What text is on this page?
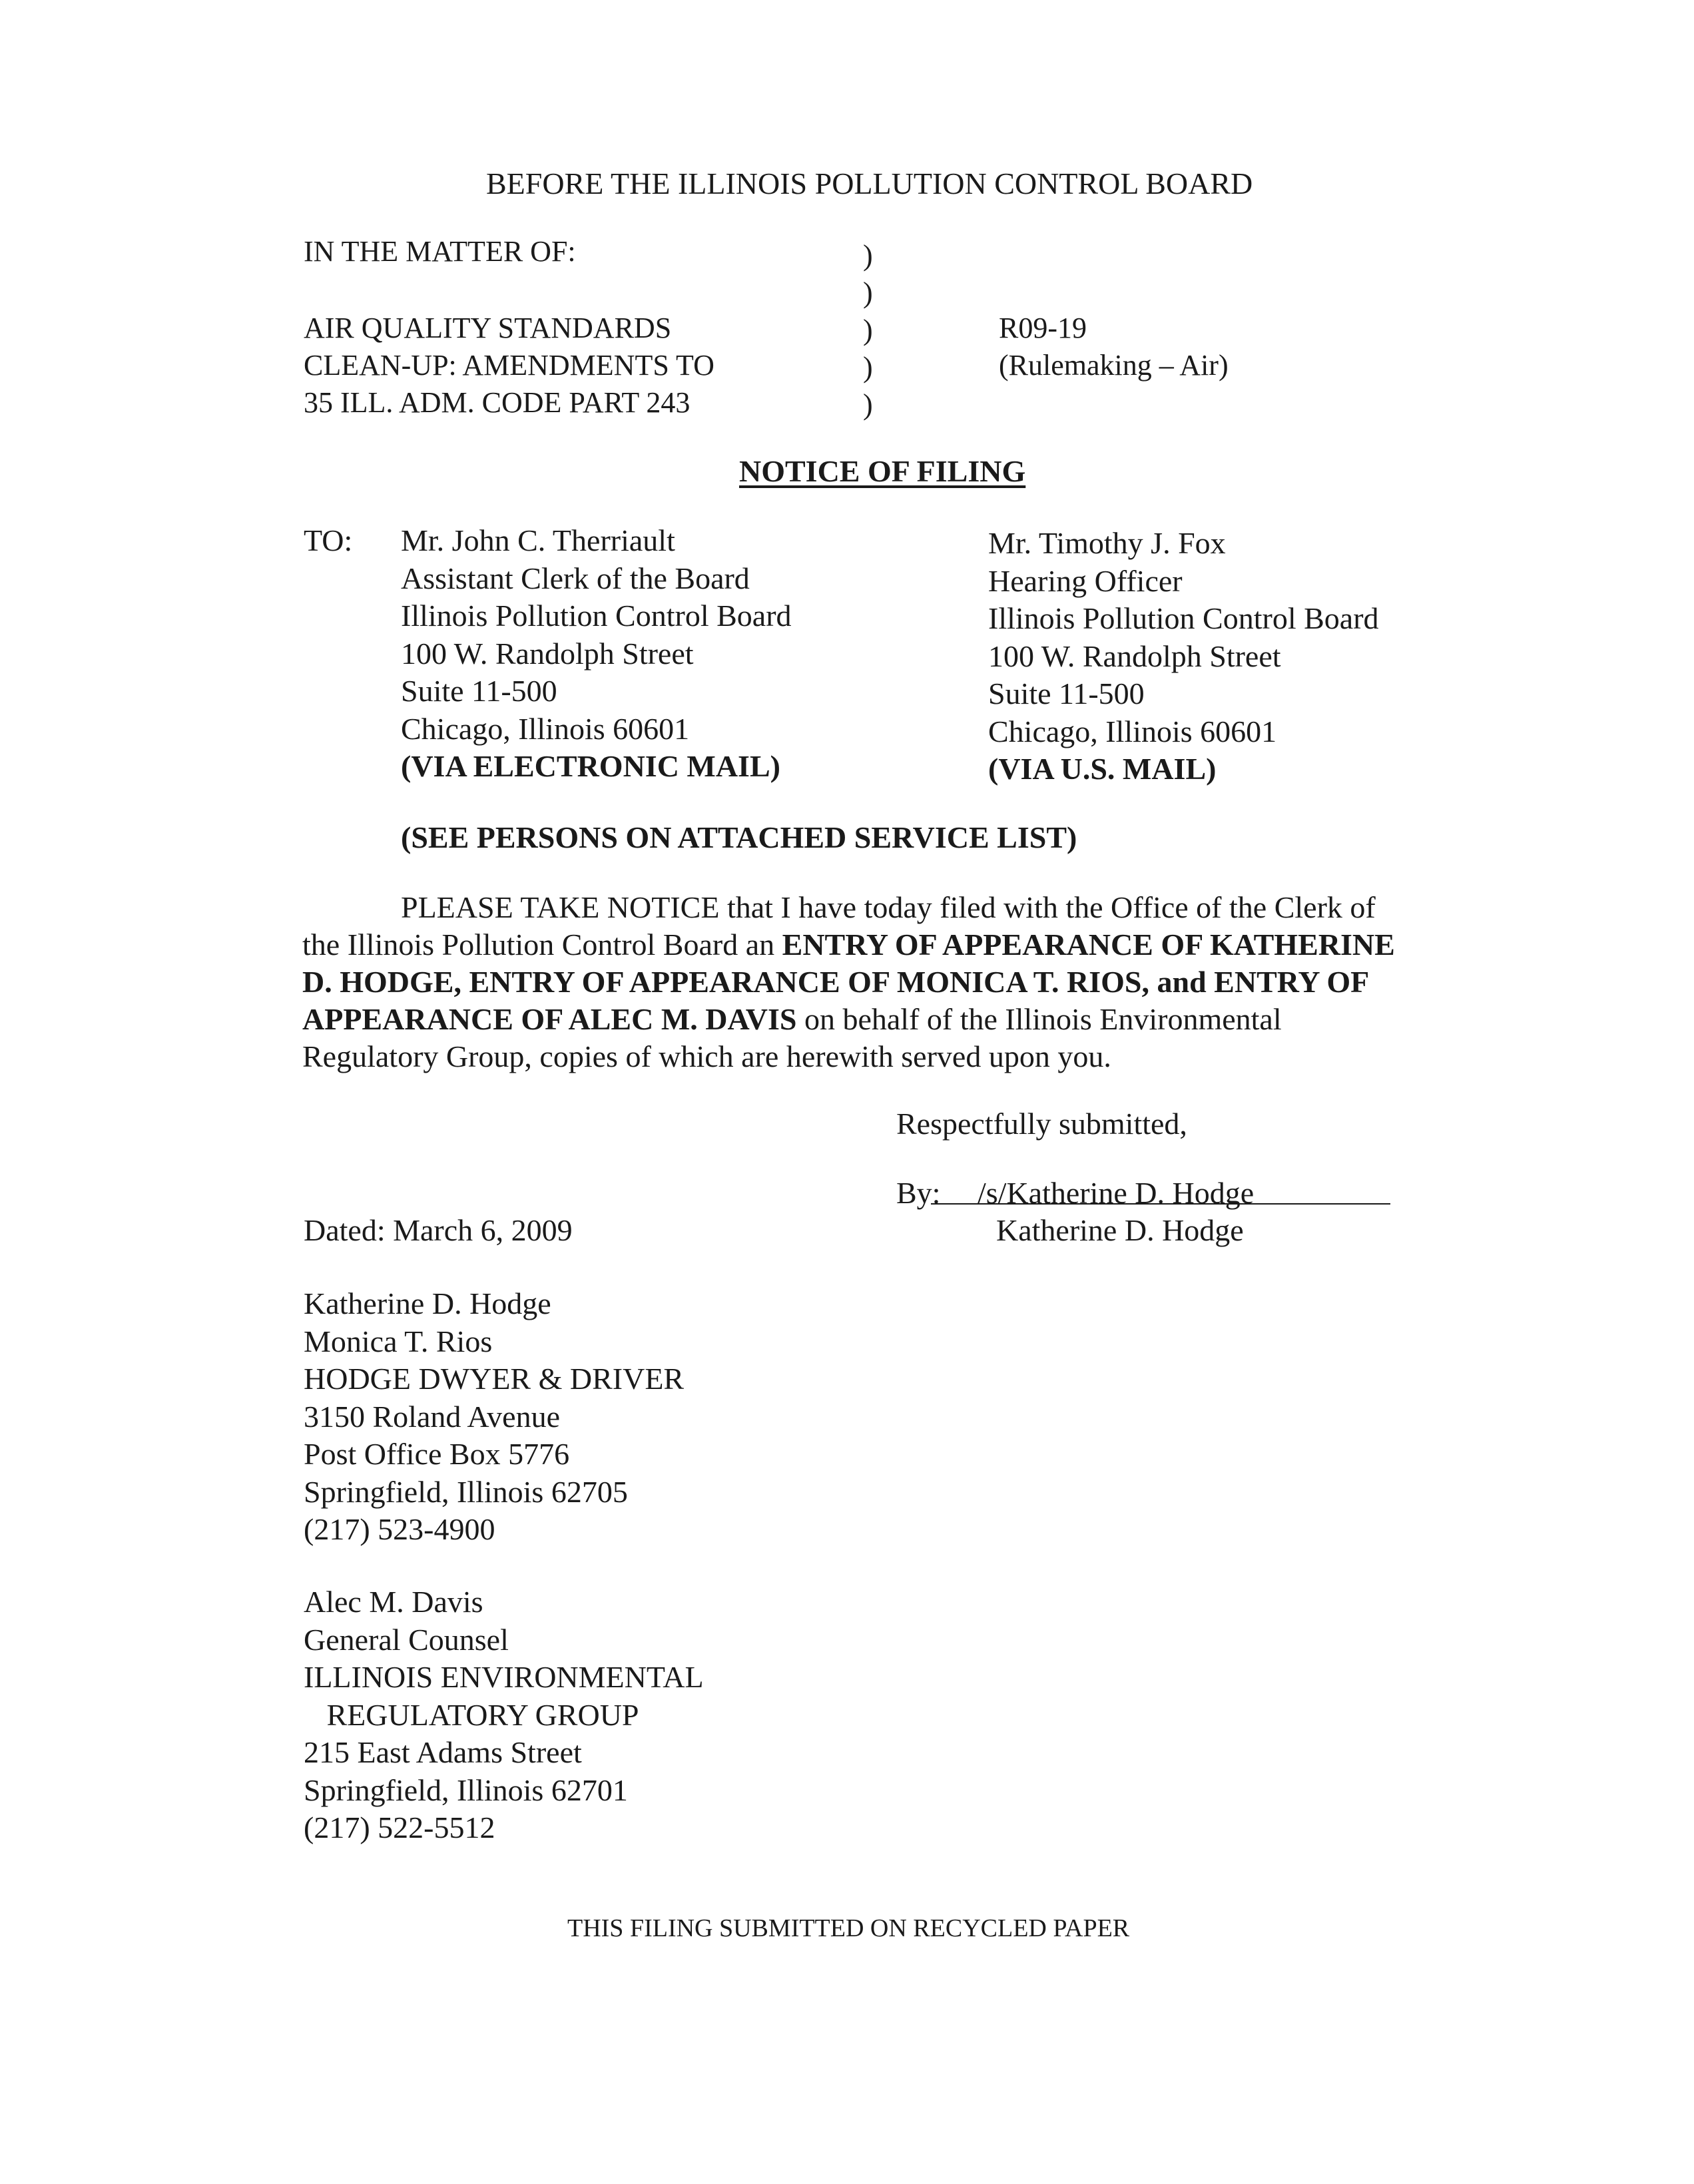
BEFORE THE ILLINOIS POLLUTION CONTROL BOARD
IN THE MATTER OF:
AIR QUALITY STANDARDS
CLEAN-UP: AMENDMENTS TO
35 ILL. ADM. CODE PART 243
)
)
)
)
)
R09-19
(Rulemaking – Air)
NOTICE OF FILING
TO: Mr. John C. Therriault
Assistant Clerk of the Board
Illinois Pollution Control Board
100 W. Randolph Street
Suite 11-500
Chicago, Illinois 60601
(VIA ELECTRONIC MAIL)
Mr. Timothy J. Fox
Hearing Officer
Illinois Pollution Control Board
100 W. Randolph Street
Suite 11-500
Chicago, Illinois 60601
(VIA U.S. MAIL)
(SEE PERSONS ON ATTACHED SERVICE LIST)
PLEASE TAKE NOTICE that I have today filed with the Office of the Clerk of
the Illinois Pollution Control Board an ENTRY OF APPEARANCE OF KATHERINE
D. HODGE, ENTRY OF APPEARANCE OF MONICA T. RIOS, and ENTRY OF
APPEARANCE OF ALEC M. DAVIS on behalf of the Illinois Environmental
Regulatory Group, copies of which are herewith served upon you.
Respectfully submitted,
By: /s/Katherine D. Hodge
Katherine D. Hodge
Dated: March 6, 2009
Katherine D. Hodge
Monica T. Rios
HODGE DWYER & DRIVER
3150 Roland Avenue
Post Office Box 5776
Springfield, Illinois 62705
(217) 523-4900
Alec M. Davis
General Counsel
ILLINOIS ENVIRONMENTAL
REGULATORY GROUP
215 East Adams Street
Springfield, Illinois 62701
(217) 522-5512
THIS FILING SUBMITTED ON RECYCLED PAPER
